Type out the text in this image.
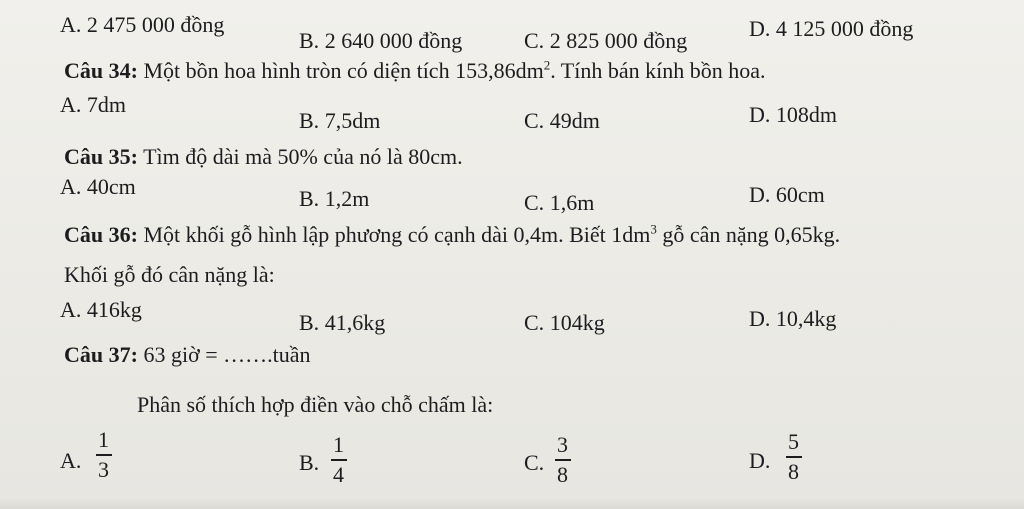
A. 2 475 000 đồng
B. 2 640 000 đồng	C. 2 825 000 đồng	D. 4 125 000 đồng
Câu 34: Một bồn hoa hình tròn có diện tích $153,86dm^2$. Tính bán kính bồn hoa.
A. 7dm
B. 7,5dm	C. 49dm	D. 108dm
Câu 35: Tìm độ dài mà 50% của nó là 80cm.
A. 40cm	B. 1,2m	C. 1,6m	D. 60cm
Câu 36: Một khối gỗ hình lập phương có cạnh dài 0,4m. Biết $1dm^3$ gỗ cân nặng 0,65kg.
Khối gỗ đó cân nặng là:
A. 416kg
B. 41,6kg	C. 104kg	D. 10,4kg
Câu 37: 63 giờ = …….tuần
Phân số thích hợp điền vào chỗ chấm là:
A.
1
3	B.
1
4	C.
3
8
D.
5
8
